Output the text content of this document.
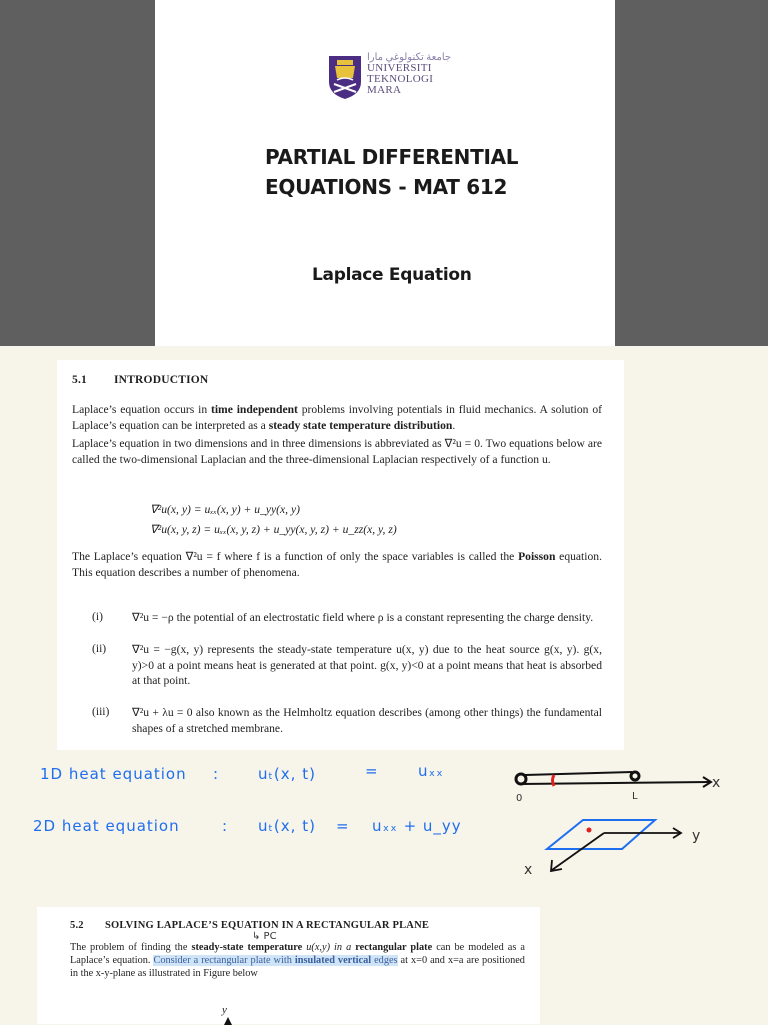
ﺟﺎﻣﻌﺔ ﺗﻜﻨﻮﻟﻮﻏﻲ ﻣﺎرا
UNIVERSITI
TEKNOLOGI
MARA
PARTIAL DIFFERENTIAL
EQUATIONS - MAT 612
Laplace Equation
5.1 INTRODUCTION
Laplace’s equation occurs in time independent problems involving potentials in fluid mechanics. A solution of Laplace’s equation can be interpreted as a steady state temperature distribution.
Laplace’s equation in two dimensions and in three dimensions is abbreviated as ∇²u = 0. Two equations below are called the two-dimensional Laplacian and the three-dimensional Laplacian respectively of a function u.
∇²u(x, y) = uₓₓ(x, y) + u_yy(x, y)
∇²u(x, y, z) = uₓₓ(x, y, z) + u_yy(x, y, z) + u_zz(x, y, z)
The Laplace’s equation ∇²u = f where f is a function of only the space variables is called the Poisson equation. This equation describes a number of phenomena.
(i)	∇²u = −ρ the potential of an electrostatic field where ρ is a constant representing the charge density.
(ii) ∇²u = −g(x, y) represents the steady-state temperature u(x, y) due to the heat source g(x, y). g(x, y)>0 at a point means heat is generated at that point. g(x, y)<0 at a point means that heat is absorbed at that point.
(iii) ∇²u + λu = 0 also known as the Helmholtz equation describes (among other things) the fundamental shapes of a stretched membrane.
1D heat equation :	uₜ(x, t)	=	uₓₓ
2D heat equation	: uₜ(x, t) = uₓₓ + u_yy
0	L
x
y
x
5.2 SOLVING LAPLACE’S EQUATION IN A RECTANGULAR PLANE
↳ PC
The problem of finding the steady-state temperature u(x,y) in a rectangular plate can be modeled as a Laplace’s equation. Consider a rectangular plate with insulated vertical edges at x=0 and x=a are positioned in the x-y-plane as illustrated in Figure below
y
